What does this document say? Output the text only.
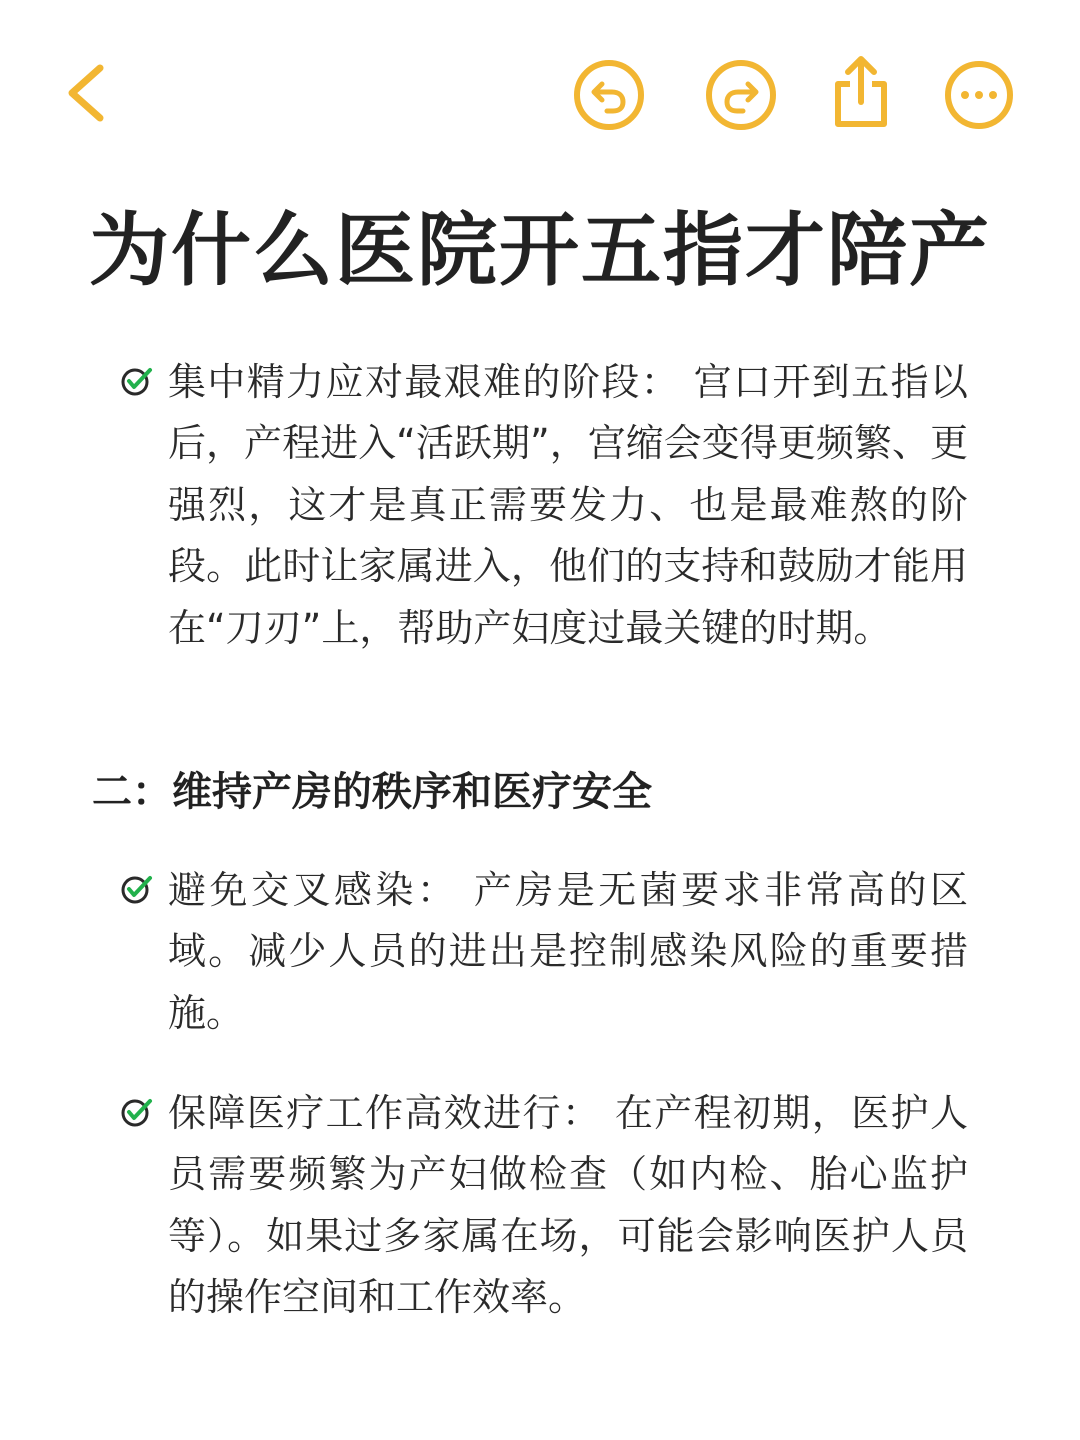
为什么医院开五指才陪产
集中精力应对最艰难的阶段： 宫口开到五指以后，产程进入“活跃期”，宫缩会变得更频繁、更强烈，这才是真正需要发力、也是最难熬的阶段。此时让家属进入，他们的支持和鼓励才能用在“刀刃”上，帮助产妇度过最关键的时期。
二：维持产房的秩序和医疗安全
避免交叉感染： 产房是无菌要求非常高的区域。减少人员的进出是控制感染风险的重要措施。
保障医疗工作高效进行： 在产程初期，医护人员需要频繁为产妇做检查（如内检、胎心监护等）。如果过多家属在场，可能会影响医护人员的操作空间和工作效率。
